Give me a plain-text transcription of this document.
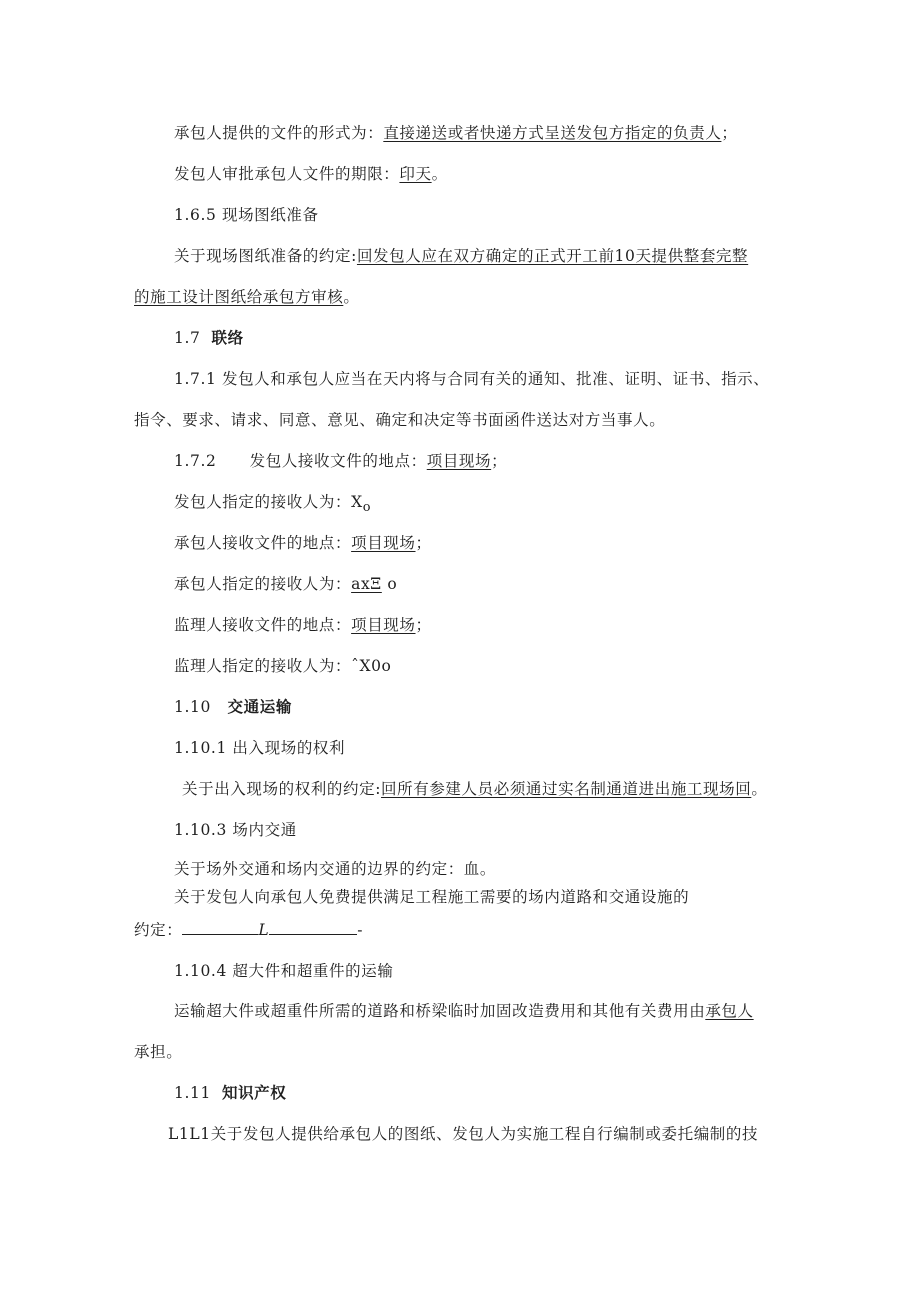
承包人提供的文件的形式为：直接递送或者快递方式呈送发包方指定的负责人；
发包人审批承包人文件的期限：印天。
1.6.5 现场图纸准备
关于现场图纸准备的约定:回发包人应在双方确定的正式开工前10天提供整套完整
的施工设计图纸给承包方审核。
1.7 联络
1.7.1 发包人和承包人应当在天内将与合同有关的通知、批准、证明、证书、指示、
指令、要求、请求、同意、意见、确定和决定等书面函件送达对方当事人。
1.7.2 发包人接收文件的地点：项目现场；
发包人指定的接收人为：$X_o$
承包人接收文件的地点：项目现场；
承包人指定的接收人为：axΞ o
监理人接收文件的地点：项目现场；
监理人指定的接收人为：ˆX0o
1.10 交通运输
1.10.1 出入现场的权利
关于出入现场的权利的约定:回所有参建人员必须通过实名制通道进出施工现场回。
1.10.3 场内交通
关于场外交通和场内交通的边界的约定：血。
关于发包人向承包人免费提供满足工程施工需要的场内道路和交通设施的
约定：	L	-
1.10.4 超大件和超重件的运输
运输超大件或超重件所需的道路和桥梁临时加固改造费用和其他有关费用由承包人
承担。
1.11 知识产权
L1L1关于发包人提供给承包人的图纸、发包人为实施工程自行编制或委托编制的技
